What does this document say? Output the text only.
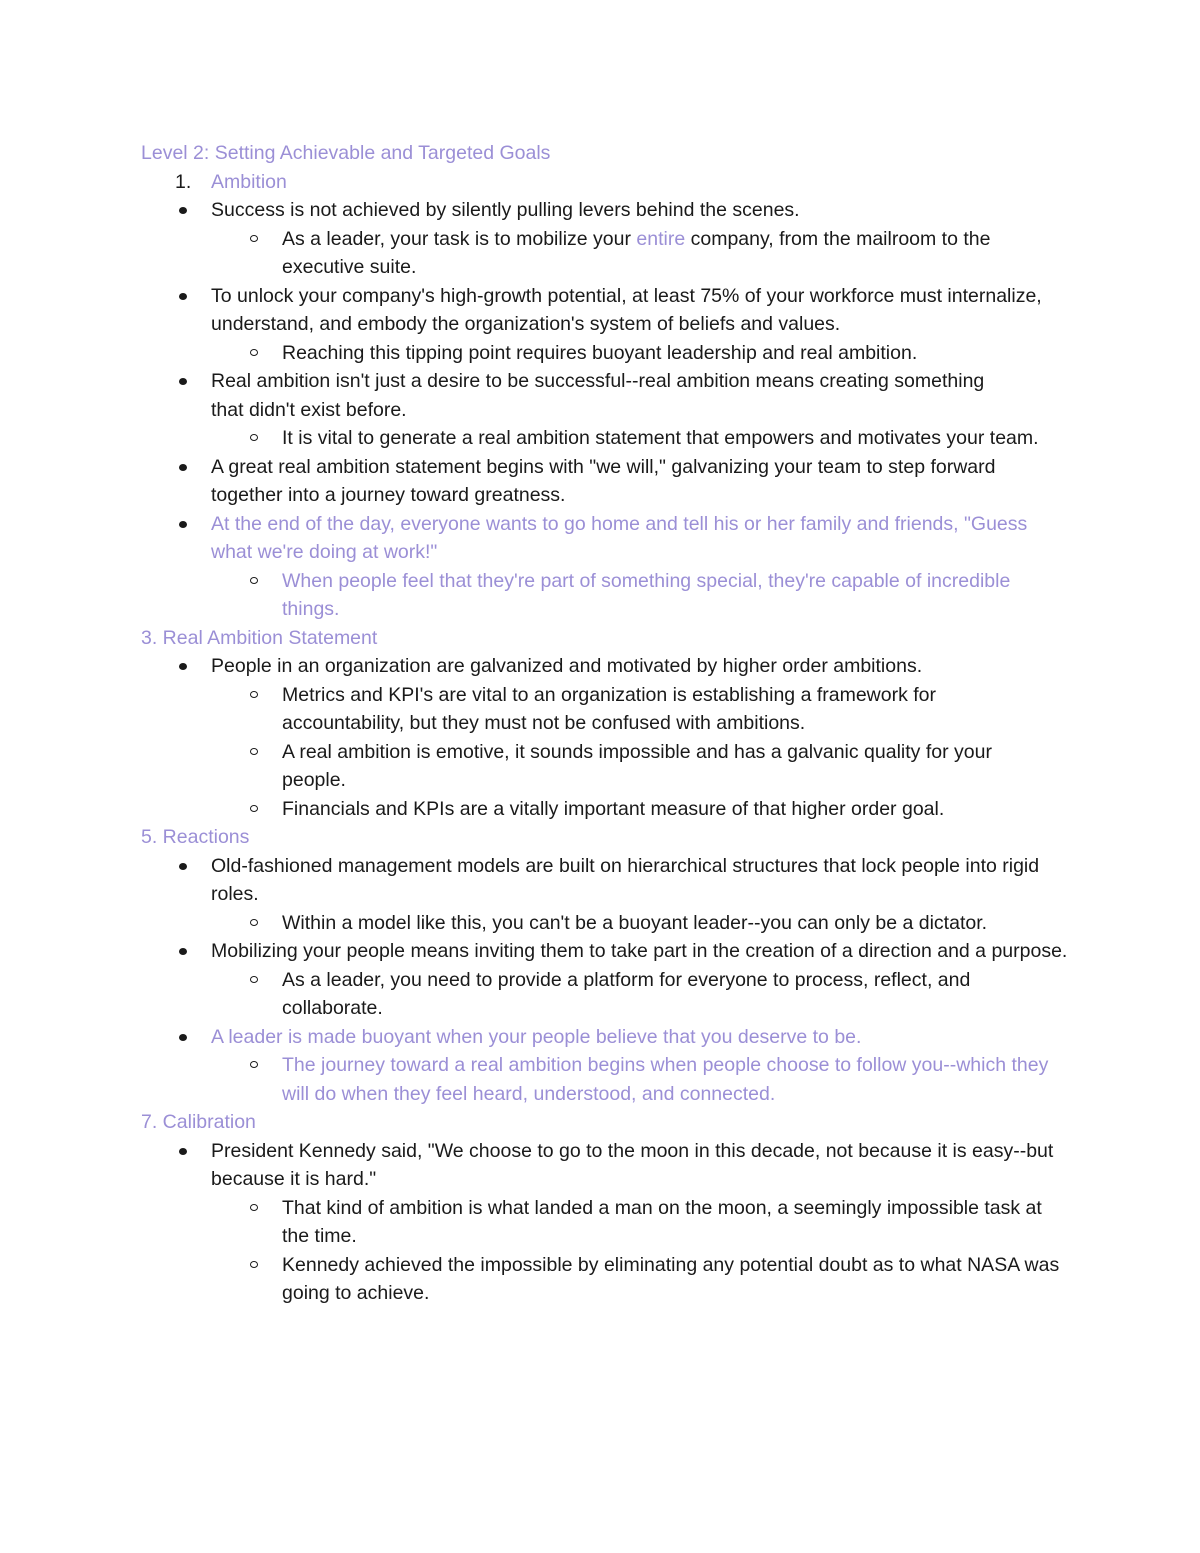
Level 2: Setting Achievable and Targeted Goals
1. Ambition
Success is not achieved by silently pulling levers behind the scenes.
As a leader, your task is to mobilize your entire company, from the mailroom to the executive suite.
To unlock your company's high-growth potential, at least 75% of your workforce must internalize, understand, and embody the organization's system of beliefs and values.
Reaching this tipping point requires buoyant leadership and real ambition.
Real ambition isn't just a desire to be successful--real ambition means creating something that didn't exist before.
It is vital to generate a real ambition statement that empowers and motivates your team.
A great real ambition statement begins with "we will," galvanizing your team to step forward together into a journey toward greatness.
At the end of the day, everyone wants to go home and tell his or her family and friends, "Guess what we're doing at work!"
When people feel that they're part of something special, they're capable of incredible things.
3. Real Ambition Statement
People in an organization are galvanized and motivated by higher order ambitions.
Metrics and KPI's are vital to an organization is establishing a framework for accountability, but they must not be confused with ambitions.
A real ambition is emotive, it sounds impossible and has a galvanic quality for your people.
Financials and KPIs are a vitally important measure of that higher order goal.
5. Reactions
Old-fashioned management models are built on hierarchical structures that lock people into rigid roles.
Within a model like this, you can't be a buoyant leader--you can only be a dictator.
Mobilizing your people means inviting them to take part in the creation of a direction and a purpose.
As a leader, you need to provide a platform for everyone to process, reflect, and collaborate.
A leader is made buoyant when your people believe that you deserve to be.
The journey toward a real ambition begins when people choose to follow you--which they will do when they feel heard, understood, and connected.
7. Calibration
President Kennedy said, "We choose to go to the moon in this decade, not because it is easy--but because it is hard."
That kind of ambition is what landed a man on the moon, a seemingly impossible task at the time.
Kennedy achieved the impossible by eliminating any potential doubt as to what NASA was going to achieve.
